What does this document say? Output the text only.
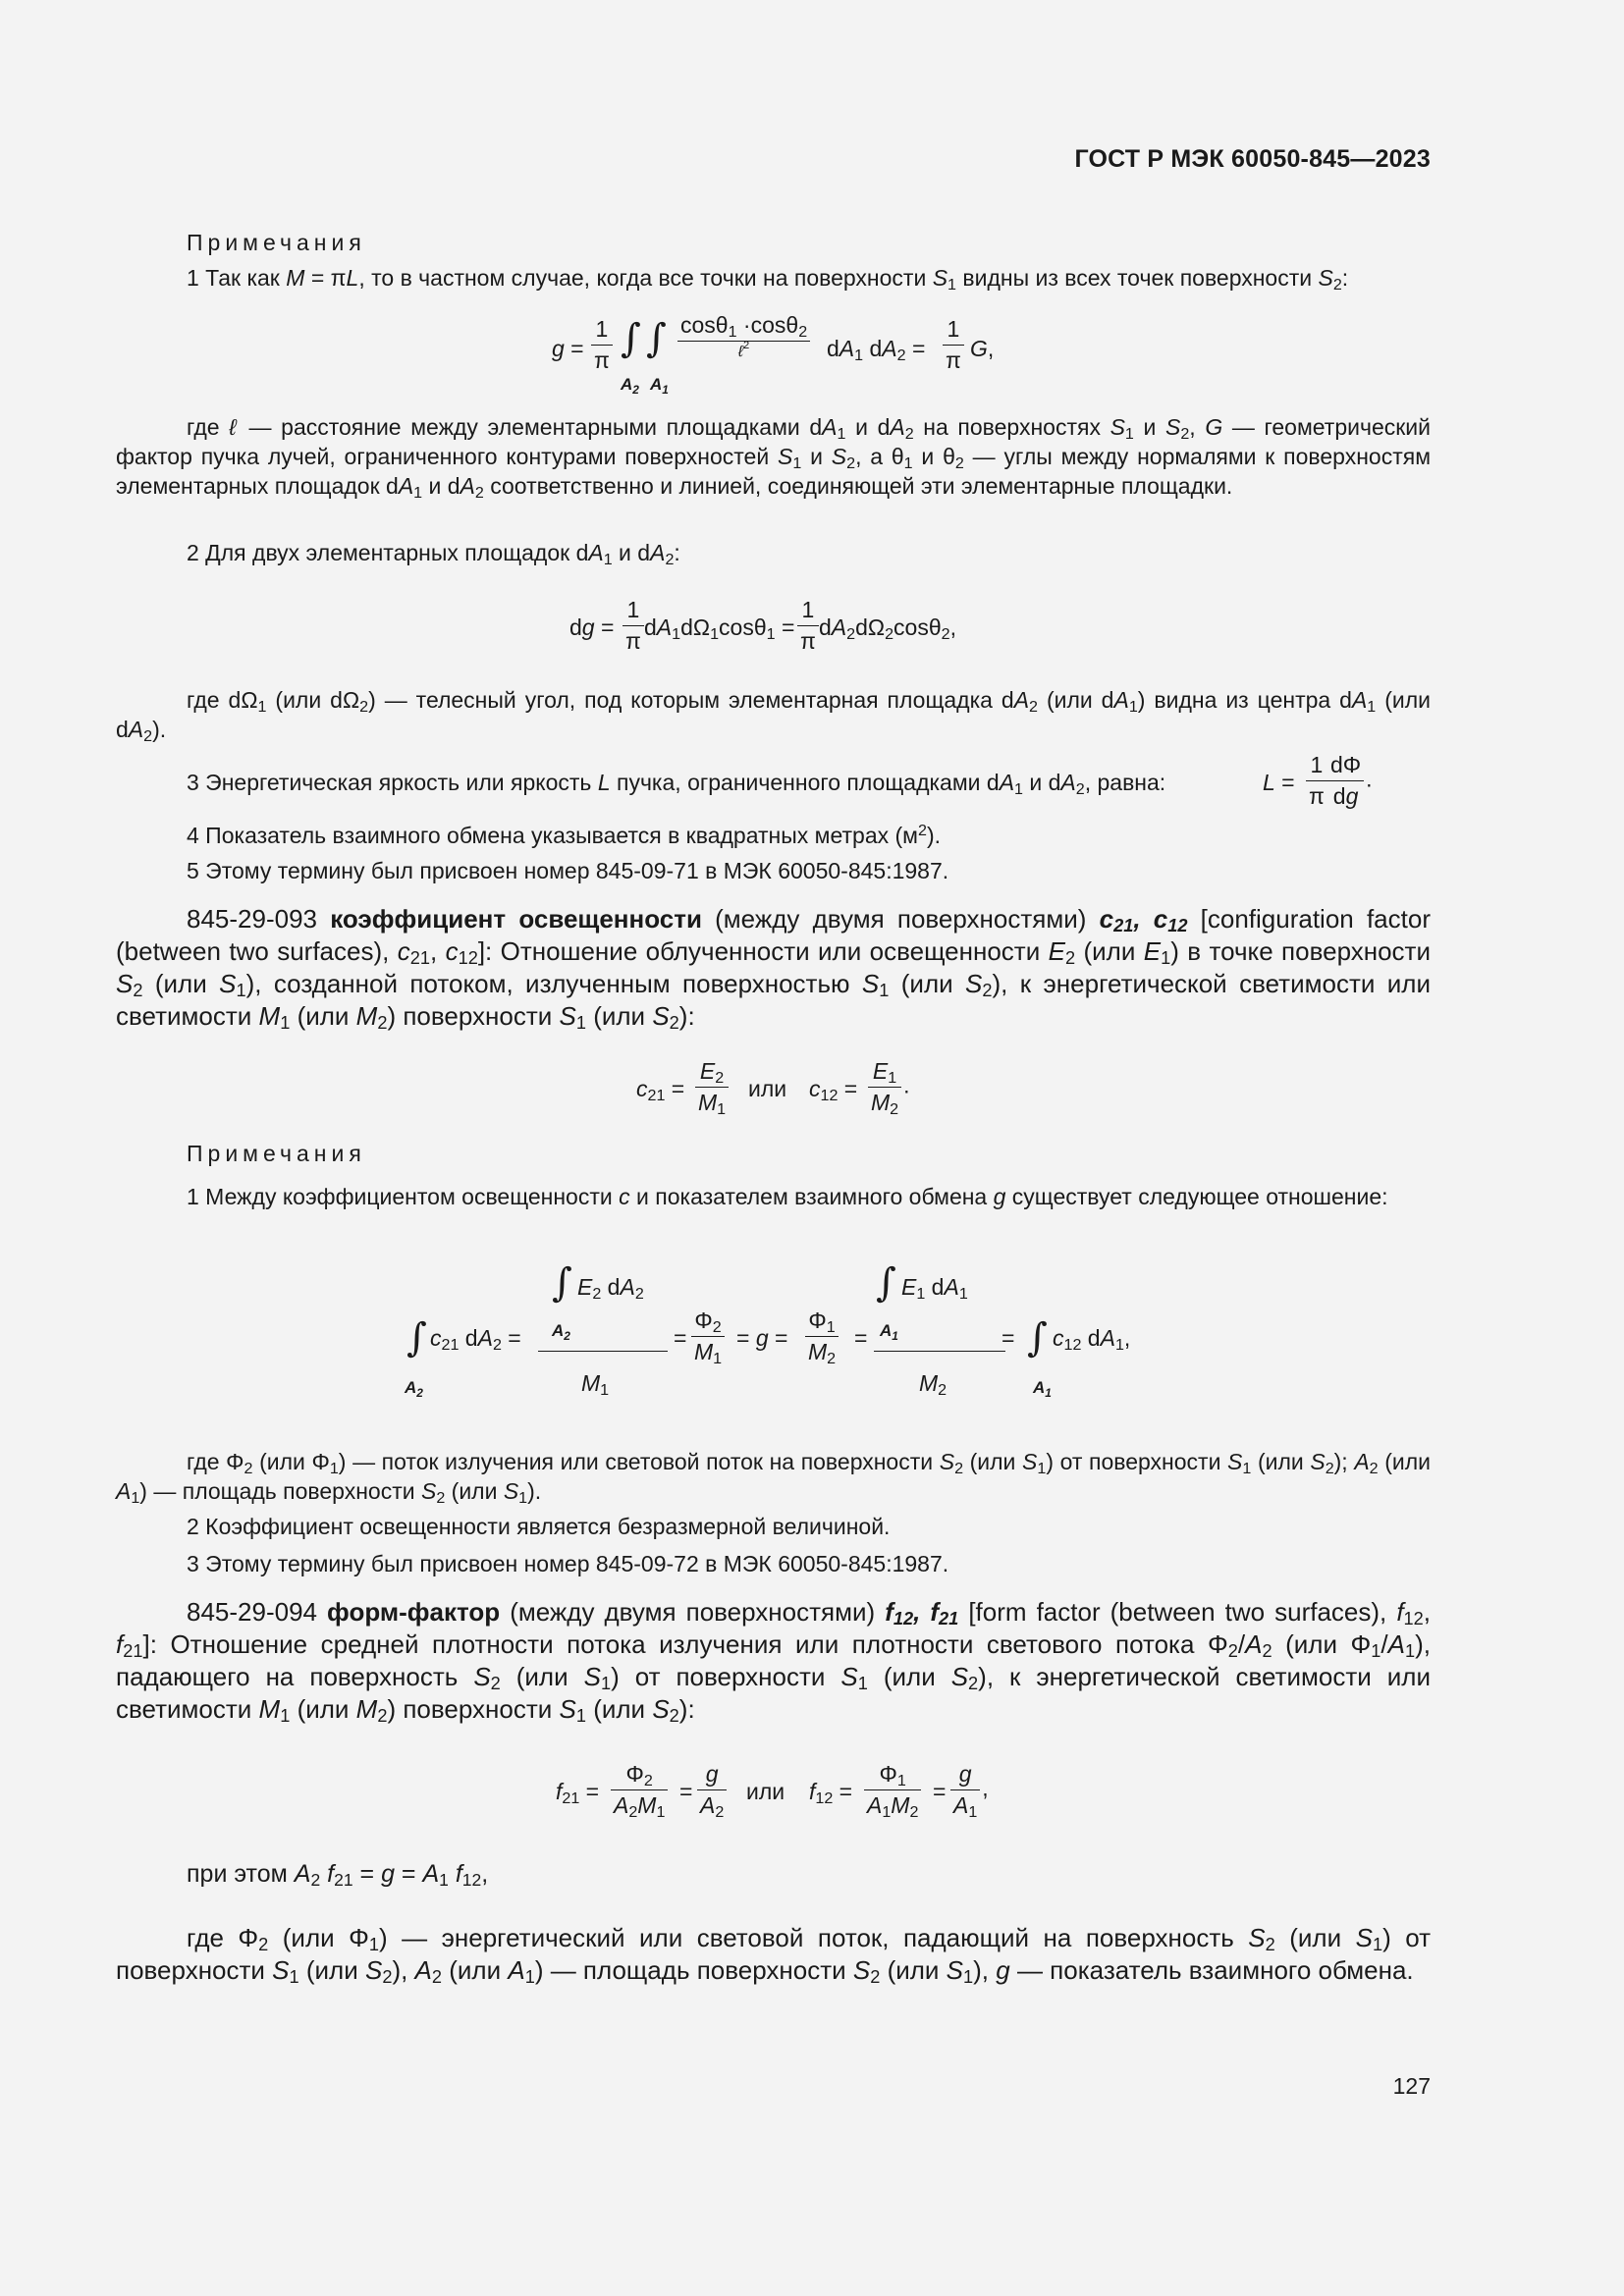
ГОСТ Р МЭК 60050-845—2023
Примечания
1 Так как M = πL, то в частном случае, когда все точки на поверхности $S_1$ видны из всех точек поверхности $S_2$:
$g = \frac{1}{\pi}$ ∫ ∫
$A_2$ $A_1$
$\frac{\cos\theta_1 \cdot\cos\theta_2}{\ell^2} dA_1$ $dA_2 = \frac{1}{\pi} G$,
где ℓ — расстояние между элементарными площадками $dA_1$ и $dA_2$ на поверхностях $S_1$ и $S_2$, G — геометрический фактор пучка лучей, ограниченного контурами поверхностей $S_1$ и $S_2$, а $\theta_1$ и $\theta_2$ — углы между нормалями к поверхностям элементарных площадок $dA_1$ и $dA_2$ соответственно и линией, соединяющей эти элементарные площадки.
2 Для двух элементарных площадок $dA_1$ и $dA_2$:
dg = $\frac{1}{\pi} dA_1d\Omega_1\cos\theta_1 = \frac{1}{\pi} dA_2d\Omega_2\cos\theta_2$,
где $d\Omega_1$ (или $d\Omega_2$) — телесный угол, под которым элементарная площадка $dA_2$ (или $dA_1$) видна из центра $dA_1$ (или $dA_2$).
3 Энергетическая яркость или яркость L пучка, ограниченного площадками $dA_1$ и $dA_2$, равна:	$L = \frac{1}{\pi} \frac{d\Phi}{dg}$ .
4 Показатель взаимного обмена указывается в квадратных метрах $(м^2)$.
5 Этому термину был присвоен номер 845-09-71 в МЭК 60050-845:1987.
845-29-093 коэффициент освещенности (между двумя поверхностями) $c_{21}$, $c_{12}$ [configuration factor (between two surfaces), $c_{21}$, $c_{12}$]: Отношение облученности или освещенности $E_2$ (или $E_1$) в точке поверхности $S_2$ (или $S_1$), созданной потоком, излученным поверхностью $S_1$ (или $S_2$), к энергетической светимости или светимости $M_1$ (или $M_2$) поверхности $S_1$ (или $S_2$):
$c_{21} = \frac{E_2}{M_1}$ или $c_{12} = \frac{E_1}{M_2}$ .
Примечания
1 Между коэффициентом освещенности c и показателем взаимного обмена g существует следующее отношение:
∫
$A_2$
$c_{21}$ $dA_2$ =
∫ $E_2$ $dA_2$
$A_2$
$M_1$
= $\frac{\Phi_2}{M_1} = g = \frac{\Phi_1}{M_2}$ =
∫ $E_1$ $dA_1$
$A_1$
$M_2$
= ∫
$A_1$
$c_{12}$ $dA_1$,
где $\Phi_2$ (или $\Phi_1$) — поток излучения или световой поток на поверхности $S_2$ (или $S_1$) от поверхности $S_1$ (или $S_2$); $A_2$ (или $A_1$) — площадь поверхности $S_2$ (или $S_1$).
2 Коэффициент освещенности является безразмерной величиной.
3 Этому термину был присвоен номер 845-09-72 в МЭК 60050-845:1987.
845-29-094 форм-фактор (между двумя поверхностями) $f_{12}$, $f_{21}$ [form factor (between two surfaces), $f_{12}$, $f_{21}$]: Отношение средней плотности потока излучения или плотности светового потока $\Phi_2/A_2$ (или $\Phi_1/A_1$), падающего на поверхность $S_2$ (или $S_1$) от поверхности $S_1$ (или $S_2$), к энергетической светимости или светимости $M_1$ (или $M_2$) поверхности $S_1$ (или $S_2$):
$f_{21} = \frac{\Phi_2}{A_2M_1} = \frac{g}{A_2}$ или $f_{12} = \frac{\Phi_1}{A_1M_2} = \frac{g}{A_1}$ ,
при этом $A_2$ $f_{21} = g = A_1$ $f_{12}$,
где $\Phi_2$ (или $\Phi_1$) — энергетический или световой поток, падающий на поверхность $S_2$ (или $S_1$) от поверхности $S_1$ (или $S_2$), $A_2$ (или $A_1$) — площадь поверхности $S_2$ (или $S_1$), g — показатель взаимного обмена.
127
